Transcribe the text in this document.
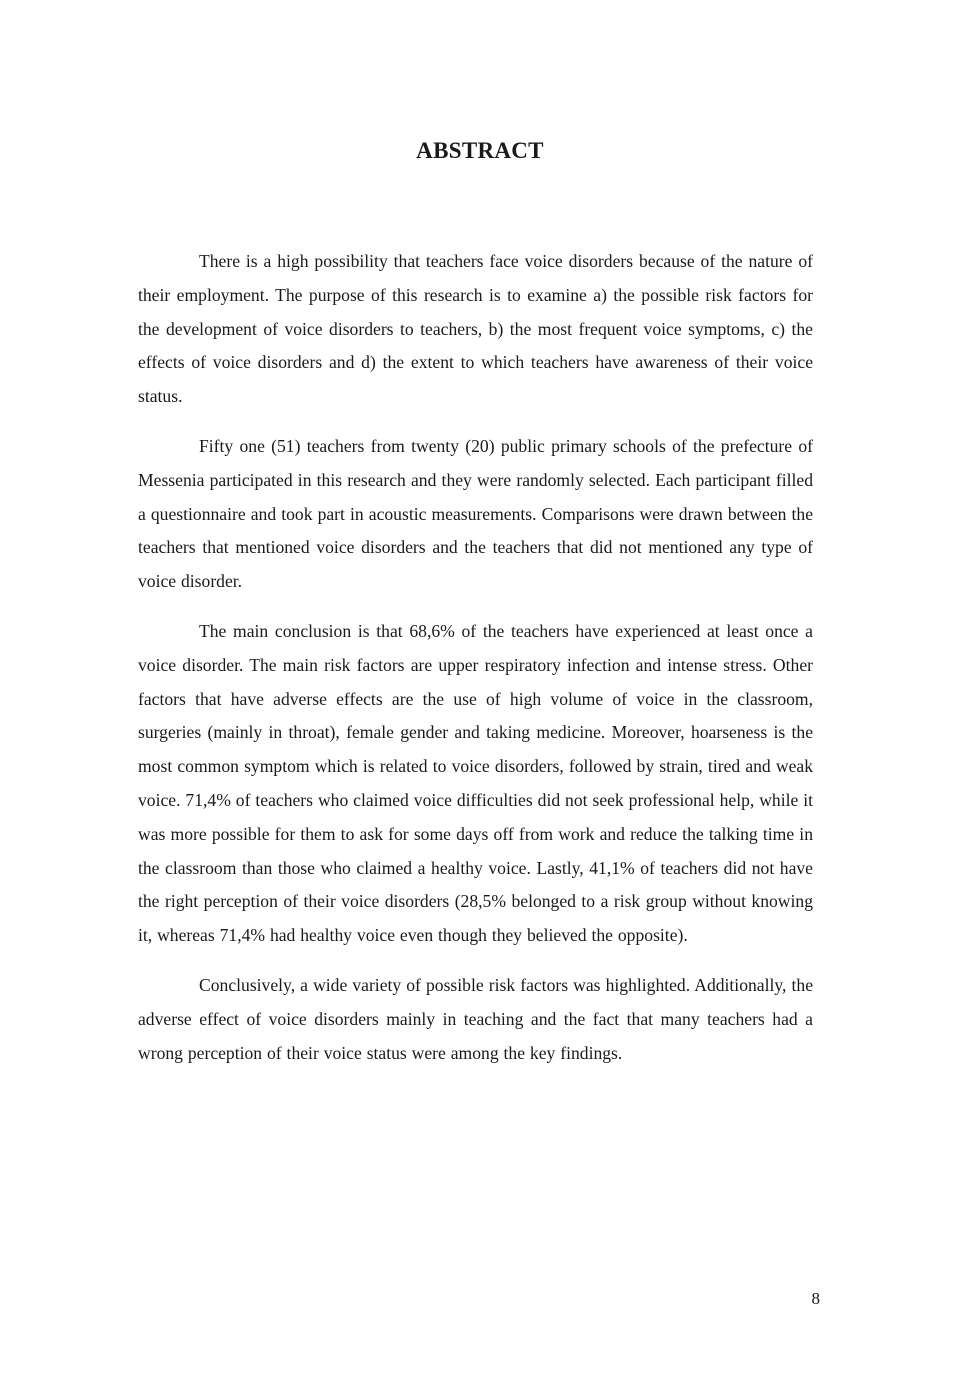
ABSTRACT

There is a high possibility that teachers face voice disorders because of the nature of their employment. The purpose of this research is to examine a) the possible risk factors for the development of voice disorders to teachers, b) the most frequent voice symptoms, c) the effects of voice disorders and d) the extent to which teachers have awareness of their voice status.

Fifty one (51) teachers from twenty (20) public primary schools of the prefecture of Messenia participated in this research and they were randomly selected. Each participant filled a questionnaire and took part in acoustic measurements. Comparisons were drawn between the teachers that mentioned voice disorders and the teachers that did not mentioned any type of voice disorder.

The main conclusion is that 68,6% of the teachers have experienced at least once a voice disorder. The main risk factors are upper respiratory infection and intense stress. Other factors that have adverse effects are the use of high volume of voice in the classroom, surgeries (mainly in throat), female gender and taking medicine. Moreover, hoarseness is the most common symptom which is related to voice disorders, followed by strain, tired and weak voice. 71,4% of teachers who claimed voice difficulties did not seek professional help, while it was more possible for them to ask for some days off from work and reduce the talking time in the classroom than those who claimed a healthy voice. Lastly, 41,1% of teachers did not have the right perception of their voice disorders (28,5% belonged to a risk group without knowing it, whereas 71,4% had healthy voice even though they believed the opposite).

Conclusively, a wide variety of possible risk factors was highlighted. Additionally, the adverse effect of voice disorders mainly in teaching and the fact that many teachers had a wrong perception of their voice status were among the key findings.

8
